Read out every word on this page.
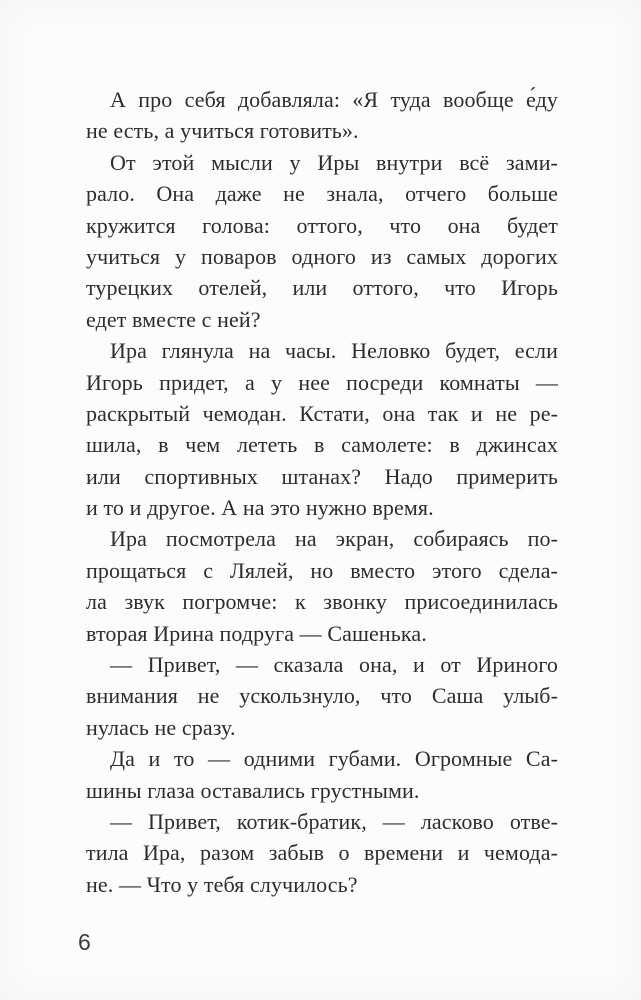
А про себя добавляла: «Я туда вообще е́ду
не есть, а учиться готовить».
От этой мысли у Иры внутри всё зами-
рало. Она даже не знала, отчего больше
кружится голова: оттого, что она будет
учиться у поваров одного из самых дорогих
турецких отелей, или оттого, что Игорь
едет вместе с ней?
Ира глянула на часы. Неловко будет, если
Игорь придет, а у нее посреди комнаты —
раскрытый чемодан. Кстати, она так и не ре-
шила, в чем лететь в самолете: в джинсах
или спортивных штанах? Надо примерить
и то и другое. А на это нужно время.
Ира посмотрела на экран, собираясь по-
прощаться с Лялей, но вместо этого сдела-
ла звук погромче: к звонку присоединилась
вторая Ирина подруга — Сашенька.
— Привет, — сказала она, и от Ириного
внимания не ускользнуло, что Саша улыб-
нулась не сразу.
Да и то — одними губами. Огромные Са-
шины глаза оставались грустными.
— Привет, котик-братик, — ласково отве-
тила Ира, разом забыв о времени и чемода-
не. — Что у тебя случилось?
6
